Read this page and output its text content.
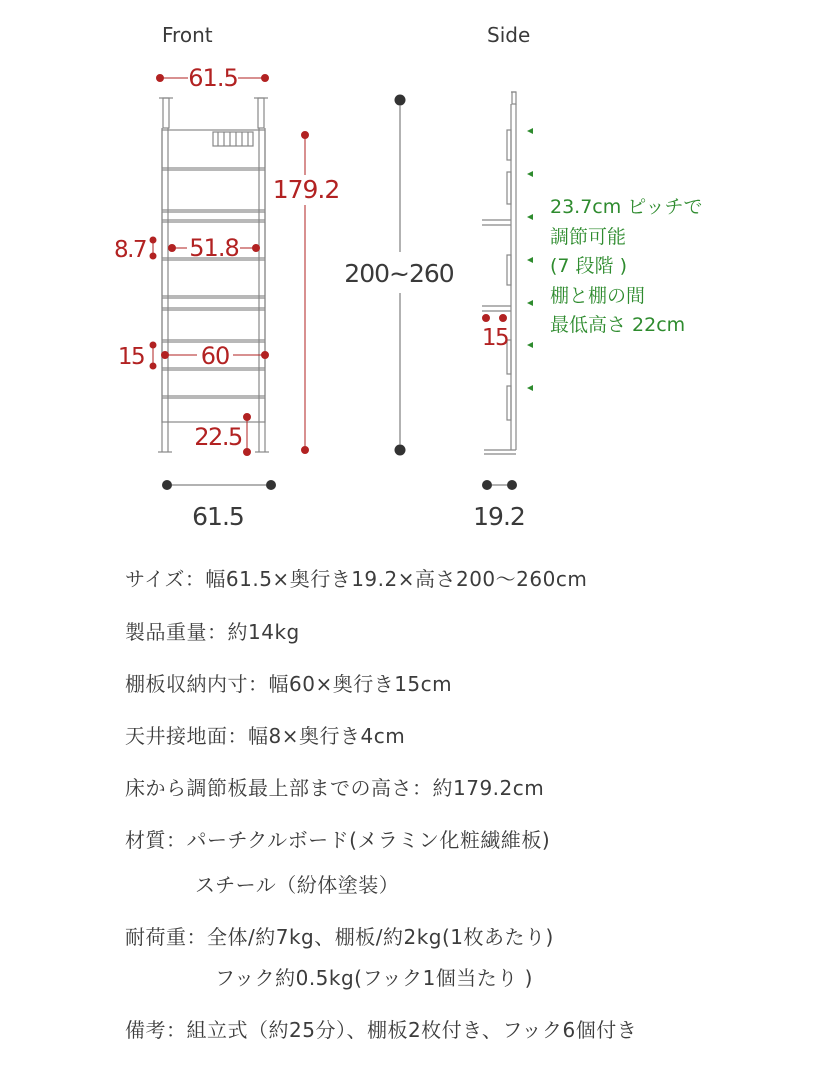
Front	Side
61.5
179.2
51.8
8.7
60
15
22.5
200~260
61.5
15
19.2
23.7cm ピッチで
調節可能
(7 段階 )
棚と棚の間
最低高さ 22cm
サイズ：幅61.5×奥行き19.2×高さ200～260cm
製品重量：約14kg
棚板収納内寸：幅60×奥行き15cm
天井接地面：幅8×奥行き4cm
床から調節板最上部までの高さ：約179.2cm
材質：パーチクルボード(メラミン化粧繊維板)
スチール（紛体塗装）
耐荷重：全体/約7kg、棚板/約2kg(1枚あたり)
フック約0.5kg(フック1個当たり )
備考：組立式（約25分）、棚板2枚付き、フック6個付き
